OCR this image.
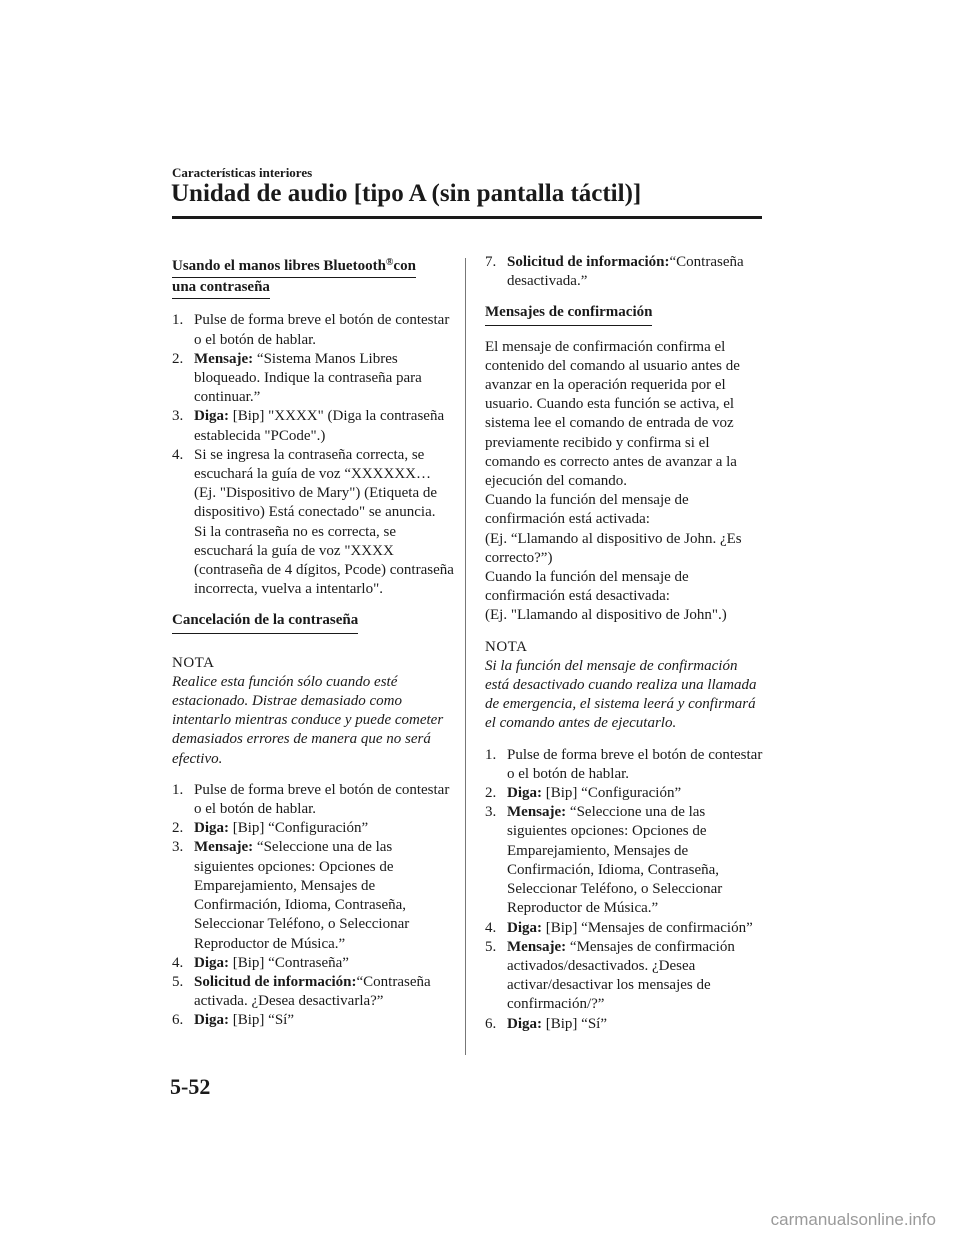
Características interiores
Unidad de audio [tipo A (sin pantalla táctil)]
Usando el manos libres Bluetooth®con
una contraseña
1. Pulse de forma breve el botón de contestar o el botón de hablar.
2. Mensaje: “Sistema Manos Libres bloqueado. Indique la contraseña para continuar.”
3. Diga: [Bip] "XXXX" (Diga la contraseña establecida "PCode".)
4. Si se ingresa la contraseña correcta, se escuchará la guía de voz “XXXXXX… (Ej. "Dispositivo de Mary") (Etiqueta de dispositivo) Está conectado" se anuncia.
Si la contraseña no es correcta, se escuchará la guía de voz "XXXX (contraseña de 4 dígitos, Pcode) contraseña incorrecta, vuelva a intentarlo".
Cancelación de la contraseña
NOTA
Realice esta función sólo cuando esté estacionado. Distrae demasiado como intentarlo mientras conduce y puede cometer demasiados errores de manera que no será efectivo.
1. Pulse de forma breve el botón de contestar o el botón de hablar.
2. Diga: [Bip] “Configuración”
3. Mensaje: “Seleccione una de las siguientes opciones: Opciones de Emparejamiento, Mensajes de Confirmación, Idioma, Contraseña, Seleccionar Teléfono, o Seleccionar Reproductor de Música.”
4. Diga: [Bip] “Contraseña”
5. Solicitud de información:“Contraseña activada. ¿Desea desactivarla?”
6. Diga: [Bip] “Sí”
7. Solicitud de información:“Contraseña desactivada.”
Mensajes de confirmación
El mensaje de confirmación confirma el contenido del comando al usuario antes de avanzar en la operación requerida por el usuario. Cuando esta función se activa, el sistema lee el comando de entrada de voz previamente recibido y confirma si el comando es correcto antes de avanzar a la ejecución del comando.
Cuando la función del mensaje de confirmación está activada:
(Ej. “Llamando al dispositivo de John. ¿Es correcto?”)
Cuando la función del mensaje de confirmación está desactivada:
(Ej. "Llamando al dispositivo de John".)
NOTA
Si la función del mensaje de confirmación está desactivado cuando realiza una llamada de emergencia, el sistema leerá y confirmará el comando antes de ejecutarlo.
1. Pulse de forma breve el botón de contestar o el botón de hablar.
2. Diga: [Bip] “Configuración”
3. Mensaje: “Seleccione una de las siguientes opciones: Opciones de Emparejamiento, Mensajes de Confirmación, Idioma, Contraseña, Seleccionar Teléfono, o Seleccionar Reproductor de Música.”
4. Diga: [Bip] “Mensajes de confirmación”
5. Mensaje: “Mensajes de confirmación activados/desactivados. ¿Desea activar/desactivar los mensajes de confirmación/?”
6. Diga: [Bip] “Sí”
5-52
carmanualsonline.info
